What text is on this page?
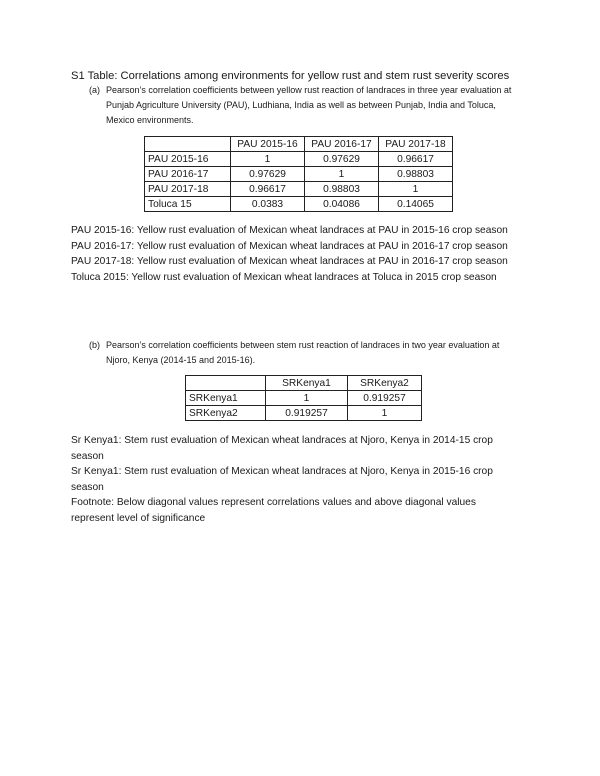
S1 Table: Correlations among environments for yellow rust and stem rust severity scores
(a) Pearson’s correlation coefficients between yellow rust reaction of landraces in three year evaluation at Punjab Agriculture University (PAU), Ludhiana, India as well as between Punjab, India and Toluca, Mexico environments.
	PAU 2015-16	PAU 2016-17	PAU 2017-18
PAU 2015-16	1	0.97629	0.96617
PAU 2016-17	0.97629	1	0.98803
PAU 2017-18	0.96617	0.98803	1
Toluca 15	0.0383	0.04086	0.14065

PAU 2015-16: Yellow rust evaluation of Mexican wheat landraces at PAU in 2015-16 crop season

PAU 2016-17: Yellow rust evaluation of Mexican wheat landraces at PAU in 2016-17 crop season

PAU 2017-18: Yellow rust evaluation of Mexican wheat landraces at PAU in 2016-17 crop season

Toluca 2015: Yellow rust evaluation of Mexican wheat landraces at Toluca in 2015 crop season

(b) Pearson’s correlation coefficients between stem rust reaction of landraces in two year evaluation at Njoro, Kenya (2014-15 and 2015-16).
	SRKenya1	SRKenya2
SRKenya1	1	0.919257
SRKenya2	0.919257	1

Sr Kenya1: Stem rust evaluation of Mexican wheat landraces at Njoro, Kenya in 2014-15 crop season

Sr Kenya1: Stem rust evaluation of Mexican wheat landraces at Njoro, Kenya in 2015-16 crop season

Footnote: Below diagonal values represent correlations values and above diagonal values represent level of significance
